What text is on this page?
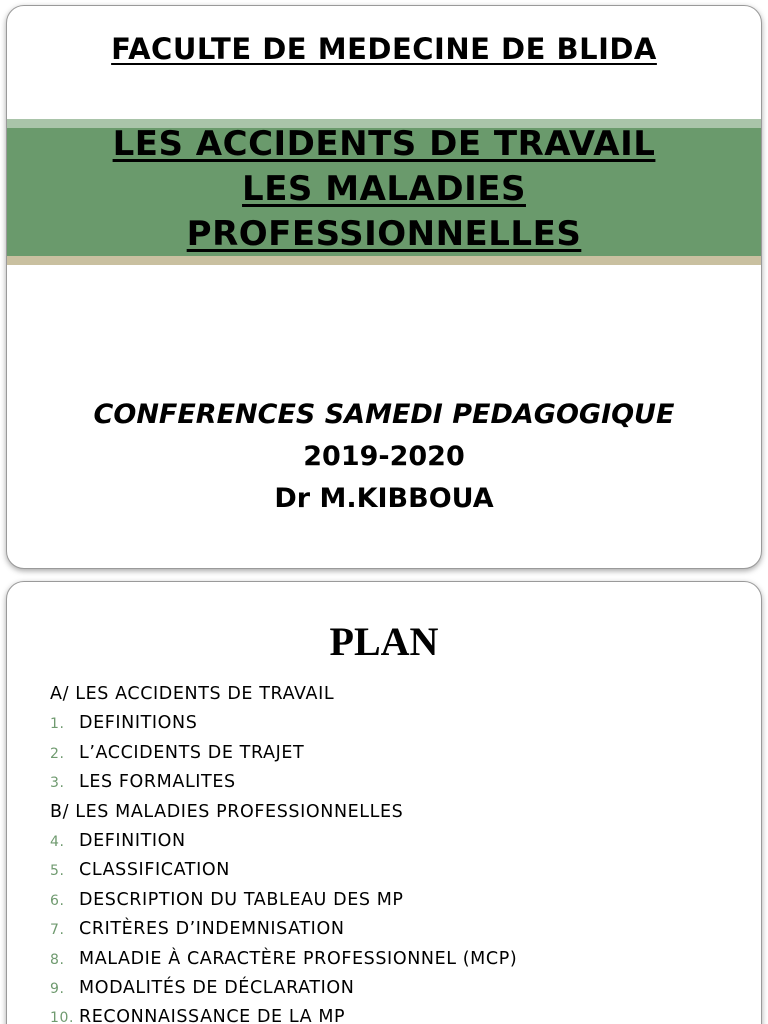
FACULTE DE MEDECINE DE BLIDA
LES ACCIDENTS DE TRAVAIL
LES MALADIES
PROFESSIONNELLES
CONFERENCES SAMEDI PEDAGOGIQUE
2019-2020
Dr M.KIBBOUA
PLAN
A/ LES ACCIDENTS DE TRAVAIL
1. DEFINITIONS
2. L’ACCIDENTS DE TRAJET
3. LES FORMALITES
B/ LES MALADIES PROFESSIONNELLES
4. DEFINITION
5. CLASSIFICATION
6. DESCRIPTION DU TABLEAU DES MP
7. CRITÈRES D’INDEMNISATION
8. MALADIE À CARACTÈRE PROFESSIONNEL (MCP)
9. MODALITÉS DE DÉCLARATION
10. RECONNAISSANCE DE LA MP
